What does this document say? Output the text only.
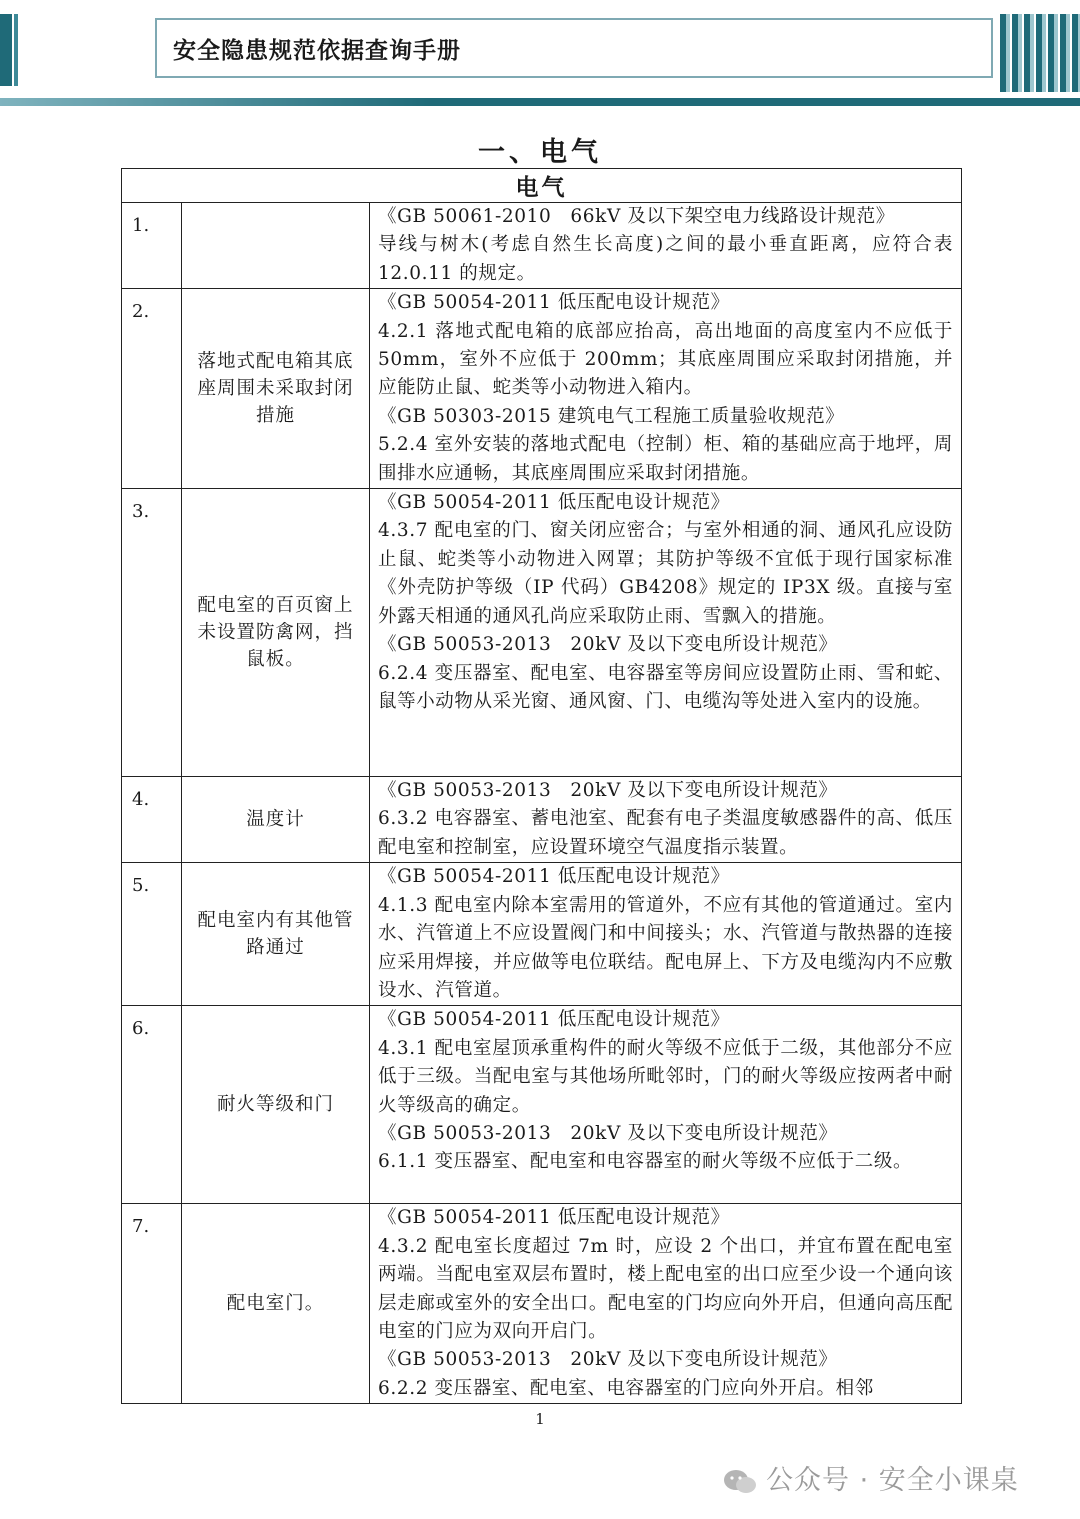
安全隐患规范依据查询手册
一、电气
电气		
1.		《GB 50061-2010　66kV 及以下架空电力线路设计规范》

导线与树木(考虑自然生长高度)之间的最小垂直距离，应符合表 12.0.11 的规定。

2.	落地式配电箱其底座周围未采取封闭措施	《GB 50054-2011 低压配电设计规范》

4.2.1 落地式配电箱的底部应抬高，高出地面的高度室内不应低于 50mm，室外不应低于 200mm；其底座周围应采取封闭措施，并应能防止鼠、蛇类等小动物进入箱内。

《GB 50303-2015 建筑电气工程施工质量验收规范》

5.2.4 室外安装的落地式配电（控制）柜、箱的基础应高于地坪，周围排水应通畅，其底座周围应采取封闭措施。

3.	配电室的百页窗上未设置防禽网，挡鼠板。	《GB 50054-2011 低压配电设计规范》

4.3.7 配电室的门、窗关闭应密合；与室外相通的洞、通风孔应设防止鼠、蛇类等小动物进入网罩；其防护等级不宜低于现行国家标准《外壳防护等级（IP 代码）GB4208》规定的 IP3X 级。直接与室外露天相通的通风孔尚应采取防止雨、雪飘入的措施。

《GB 50053-2013　20kV 及以下变电所设计规范》

6.2.4 变压器室、配电室、电容器室等房间应设置防止雨、雪和蛇、鼠等小动物从采光窗、通风窗、门、电缆沟等处进入室内的设施。

4.	温度计	《GB 50053-2013　20kV 及以下变电所设计规范》

6.3.2 电容器室、蓄电池室、配套有电子类温度敏感器件的高、低压配电室和控制室，应设置环境空气温度指示装置。

5.	配电室内有其他管路通过	《GB 50054-2011 低压配电设计规范》

4.1.3 配电室内除本室需用的管道外，不应有其他的管道通过。室内水、汽管道上不应设置阀门和中间接头；水、汽管道与散热器的连接应采用焊接，并应做等电位联结。配电屏上、下方及电缆沟内不应敷设水、汽管道。

6.	耐火等级和门	《GB 50054-2011 低压配电设计规范》

4.3.1 配电室屋顶承重构件的耐火等级不应低于二级，其他部分不应低于三级。当配电室与其他场所毗邻时，门的耐火等级应按两者中耐火等级高的确定。

《GB 50053-2013　20kV 及以下变电所设计规范》

6.1.1 变压器室、配电室和电容器室的耐火等级不应低于二级。

7.	配电室门。	《GB 50054-2011 低压配电设计规范》

4.3.2 配电室长度超过 7m 时，应设 2 个出口，并宜布置在配电室两端。当配电室双层布置时，楼上配电室的出口应至少设一个通向该层走廊或室外的安全出口。配电室的门均应向外开启，但通向高压配电室的门应为双向开启门。

《GB 50053-2013　20kV 及以下变电所设计规范》

6.2.2 变压器室、配电室、电容器室的门应向外开启。相邻

1
公众号 · 安全小课桌
